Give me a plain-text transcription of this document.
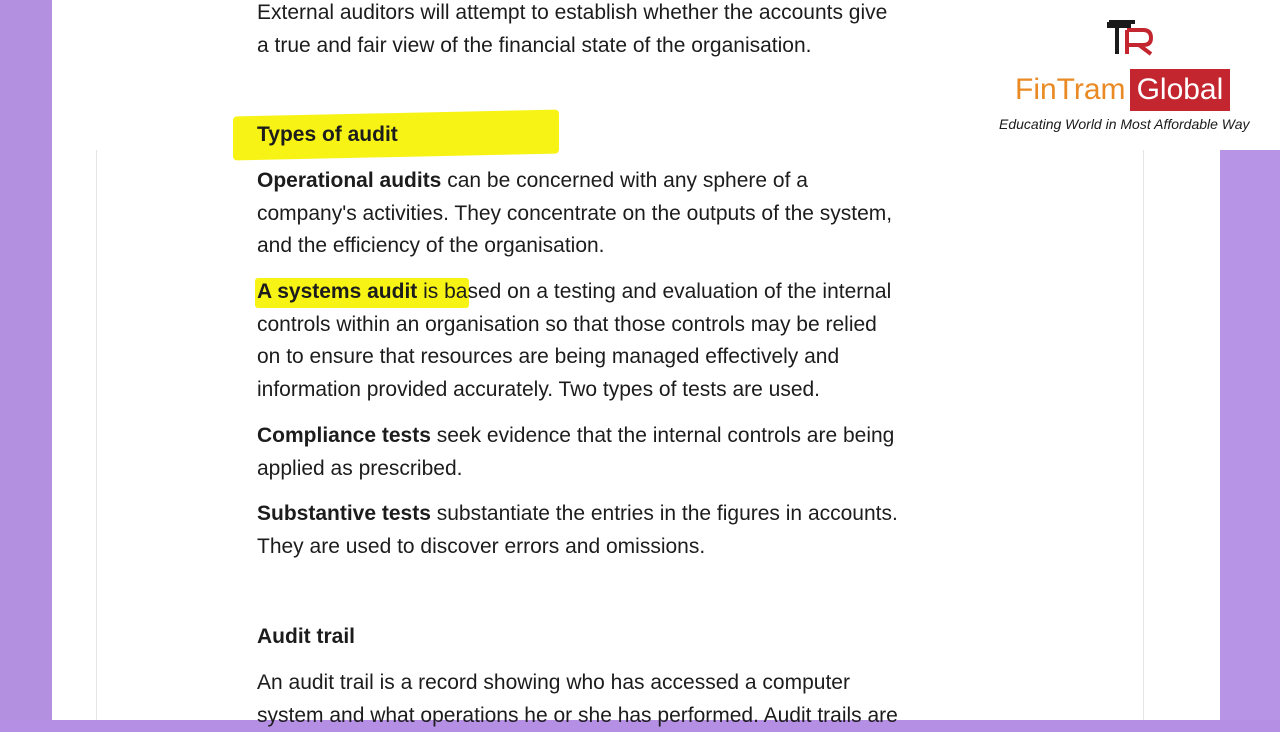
External auditors will attempt to establish whether the accounts give
a true and fair view of the financial state of the organisation.

Types of audit

Operational audits can be concerned with any sphere of a
company's activities. They concentrate on the outputs of the system,
and the efficiency of the organisation.

A systems audit is based on a testing and evaluation of the internal
controls within an organisation so that those controls may be relied
on to ensure that resources are being managed effectively and
information provided accurately. Two types of tests are used.

Compliance tests seek evidence that the internal controls are being
applied as prescribed.

Substantive tests substantiate the entries in the figures in accounts.
They are used to discover errors and omissions.

Audit trail

An audit trail is a record showing who has accessed a computer
system and what operations he or she has performed. Audit trails are

FinTram Global
Educating World in Most Affordable Way
